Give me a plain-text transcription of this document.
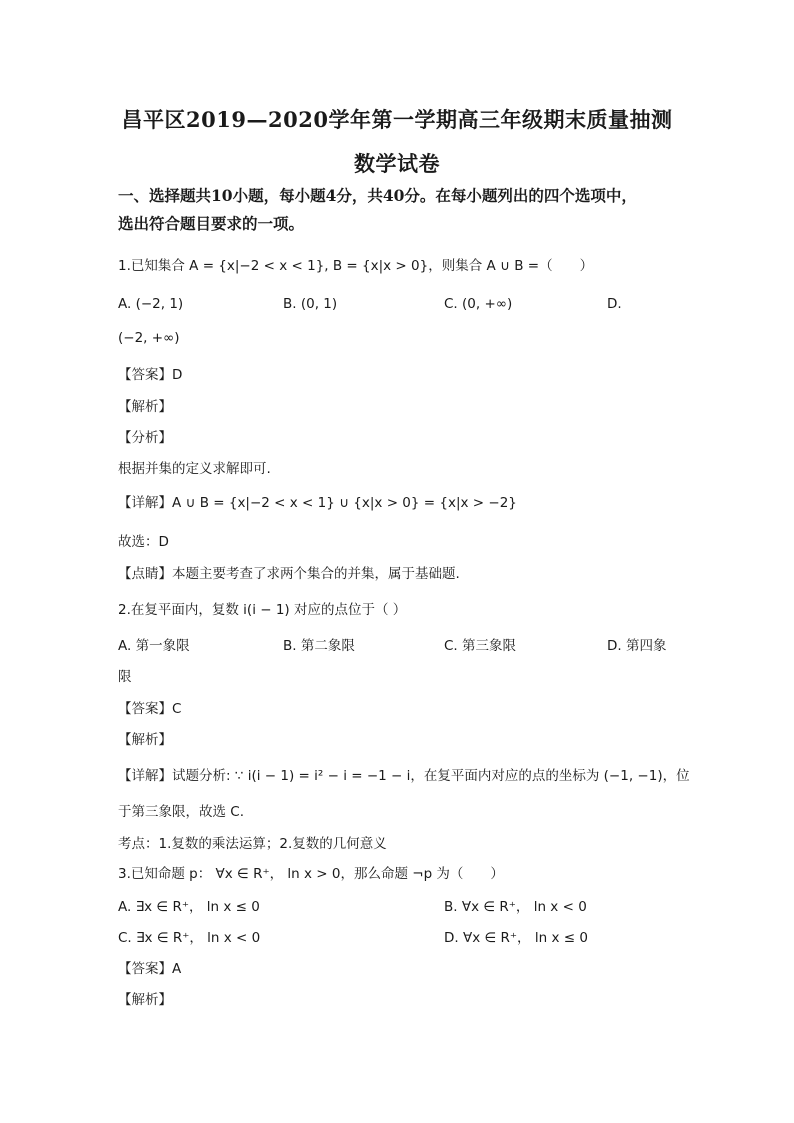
昌平区2019—2020学年第一学期高三年级期末质量抽测
数学试卷
一、选择题共10小题，每小题4分，共40分。在每小题列出的四个选项中，
选出符合题目要求的一项。
1.已知集合 A = {x|−2 < x < 1}, B = {x|x > 0}，则集合 A ∪ B =（　　）
A. (−2, 1)	B. (0, 1)	C. (0, +∞)	D.
(−2, +∞)
【答案】D
【解析】
【分析】
根据并集的定义求解即可.
【详解】A ∪ B = {x|−2 < x < 1} ∪ {x|x > 0} = {x|x > −2}
故选：D
【点睛】本题主要考查了求两个集合的并集，属于基础题.
2.在复平面内，复数 i(i − 1) 对应的点位于（ ）
A. 第一象限	B. 第二象限	C. 第三象限	D. 第四象
限
【答案】C
【解析】
【详解】试题分析: ∵ i(i − 1) = i² − i = −1 − i，在复平面内对应的点的坐标为 (−1, −1)，位
于第三象限，故选 C.
考点：1.复数的乘法运算；2.复数的几何意义
3.已知命题 p： ∀x ∈ R⁺， ln x > 0，那么命题 ¬p 为（　　）
A. ∃x ∈ R⁺， ln x ≤ 0	B. ∀x ∈ R⁺， ln x < 0
C. ∃x ∈ R⁺， ln x < 0	D. ∀x ∈ R⁺， ln x ≤ 0
【答案】A
【解析】
